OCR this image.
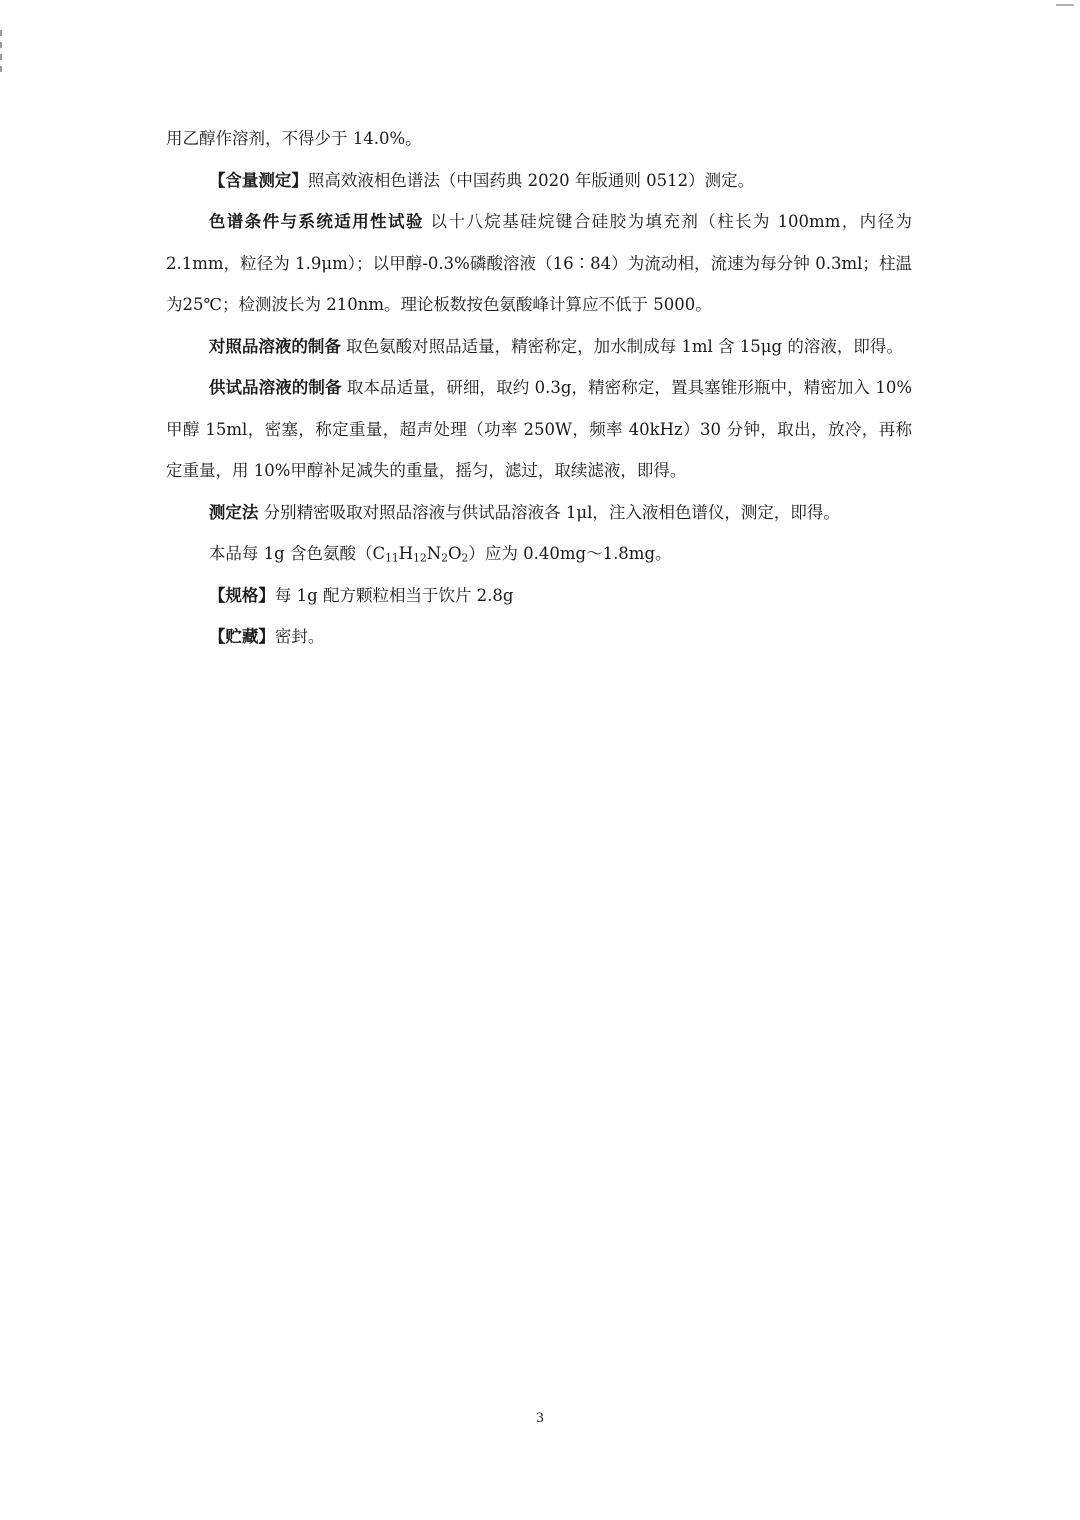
用乙醇作溶剂，不得少于 14.0%。

【含量测定】照高效液相色谱法（中国药典 2020 年版通则 0512）测定。

色谱条件与系统适用性试验 以十八烷基硅烷键合硅胶为填充剂（柱长为 100mm，内径为 2.1mm，粒径为 1.9μm）；以甲醇-0.3%磷酸溶液（16∶84）为流动相，流速为每分钟 0.3ml；柱温为25℃；检测波长为 210nm。理论板数按色氨酸峰计算应不低于 5000。

对照品溶液的制备 取色氨酸对照品适量，精密称定，加水制成每 1ml 含 15μg 的溶液，即得。

供试品溶液的制备 取本品适量，研细，取约 0.3g，精密称定，置具塞锥形瓶中，精密加入 10%甲醇 15ml，密塞，称定重量，超声处理（功率 250W，频率 40kHz）30 分钟，取出，放冷，再称定重量，用 10%甲醇补足减失的重量，摇匀，滤过，取续滤液，即得。

测定法 分别精密吸取对照品溶液与供试品溶液各 1μl，注入液相色谱仪，测定，即得。

本品每 1g 含色氨酸$(C_{11}H_{12}N_2O_2)$应为 0.40mg～1.8mg。

【规格】每 1g 配方颗粒相当于饮片 2.8g

【贮藏】密封。

3
